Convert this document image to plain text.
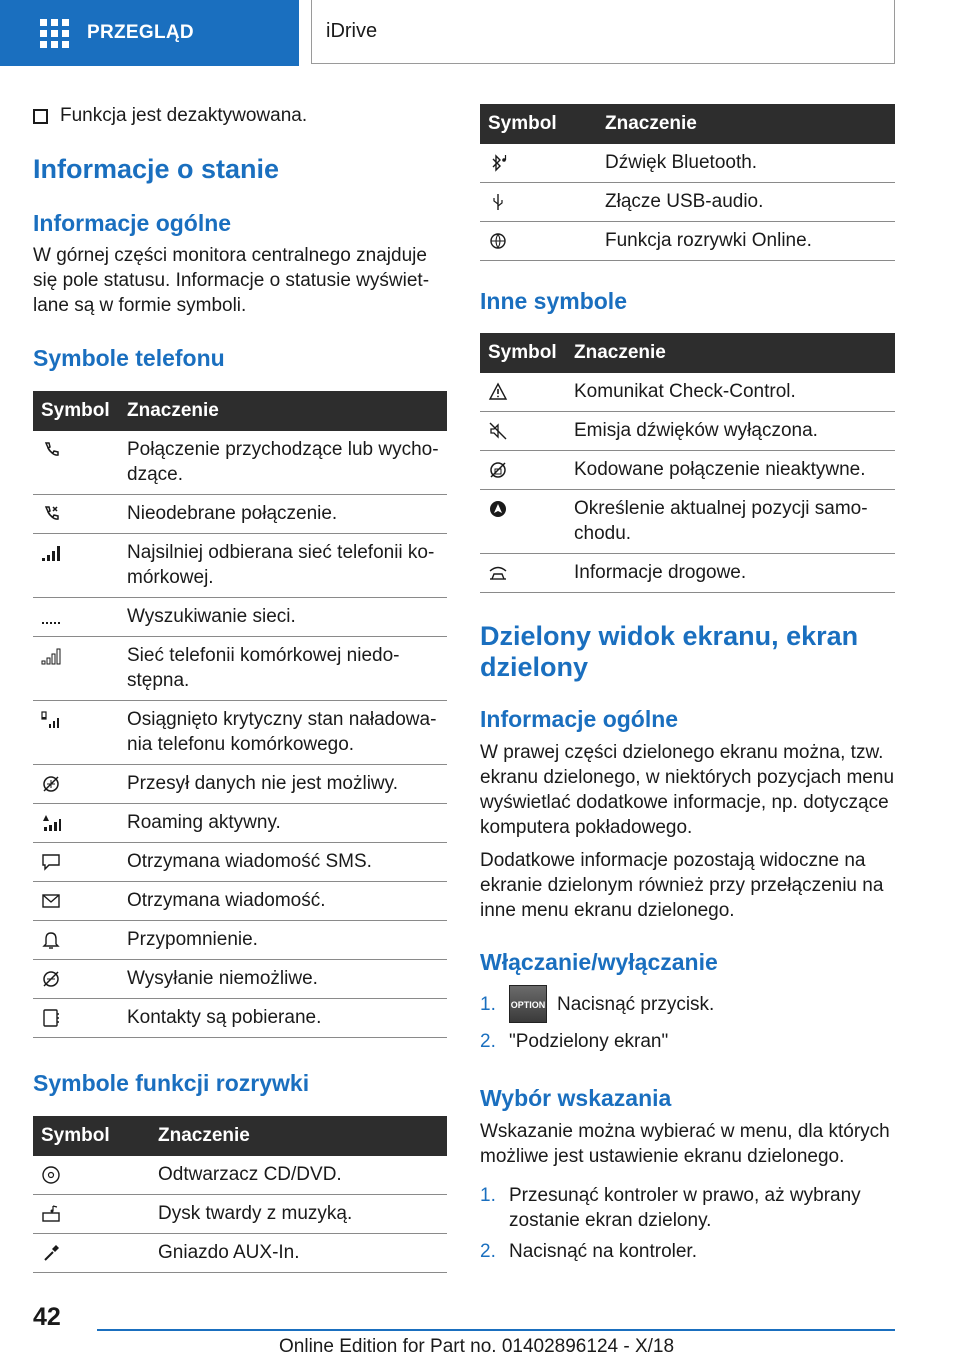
PRZEGLĄD	iDrive
Funkcja jest dezaktywowana.
Informacje o stanie
Informacje ogólne
W górnej części monitora centralnego znajduje się pole statusu. Informacje o statusie wyświetlane są w formie symboli.
Symbole telefonu
Symbol	Znaczenie

	Połączenie przychodzące lub wychodzące.

	Nieodebrane połączenie.

	Najsilniej odbierana sieć telefonii komórkowej.

	Wyszukiwanie sieci.

	Sieć telefonii komórkowej niedostępna.

	Osiągnięto krytyczny stan naładowania telefonu komórkowego.

	Przesył danych nie jest możliwy.

	Roaming aktywny.

	Otrzymana wiadomość SMS.

	Otrzymana wiadomość.

	Przypomnienie.

	Wysyłanie niemożliwe.

	Kontakty są pobierane.
Symbole funkcji rozrywki
Symbol	Znaczenie

	Odtwarzacz CD/DVD.

	Dysk twardy z muzyką.

	Gniazdo AUX-In.
Symbol	Znaczenie

	Dźwięk Bluetooth.

	Złącze USB-audio.

	Funkcja rozrywki Online.
Inne symbole
Symbol	Znaczenie

	Komunikat Check-Control.

	Emisja dźwięków wyłączona.

	Kodowane połączenie nieaktywne.

	Określenie aktualnej pozycji samochodu.

	Informacje drogowe.
Dzielony widok ekranu, ekran dzielony
Informacje ogólne

W prawej części dzielonego ekranu można, tzw. ekranu dzielonego, w niektórych pozycjach menu wyświetlać dodatkowe informacje, np. dotyczące komputera pokładowego.

Dodatkowe informacje pozostają widoczne na ekranie dzielonym również przy przełączeniu na inne menu ekranu dzielonego.

Włączanie/wyłączanie
1.	OPTION Nacisnąć przycisk.
2. "Podzielony ekran"
Wybór wskazania
Wskazanie można wybierać w menu, dla których możliwe jest ustawienie ekranu dzielonego.
1. Przesunąć kontroler w prawo, aż wybrany zostanie ekran dzielony.
2. Nacisnąć na kontroler.
42
Online Edition for Part no. 01402896124 - X/18
